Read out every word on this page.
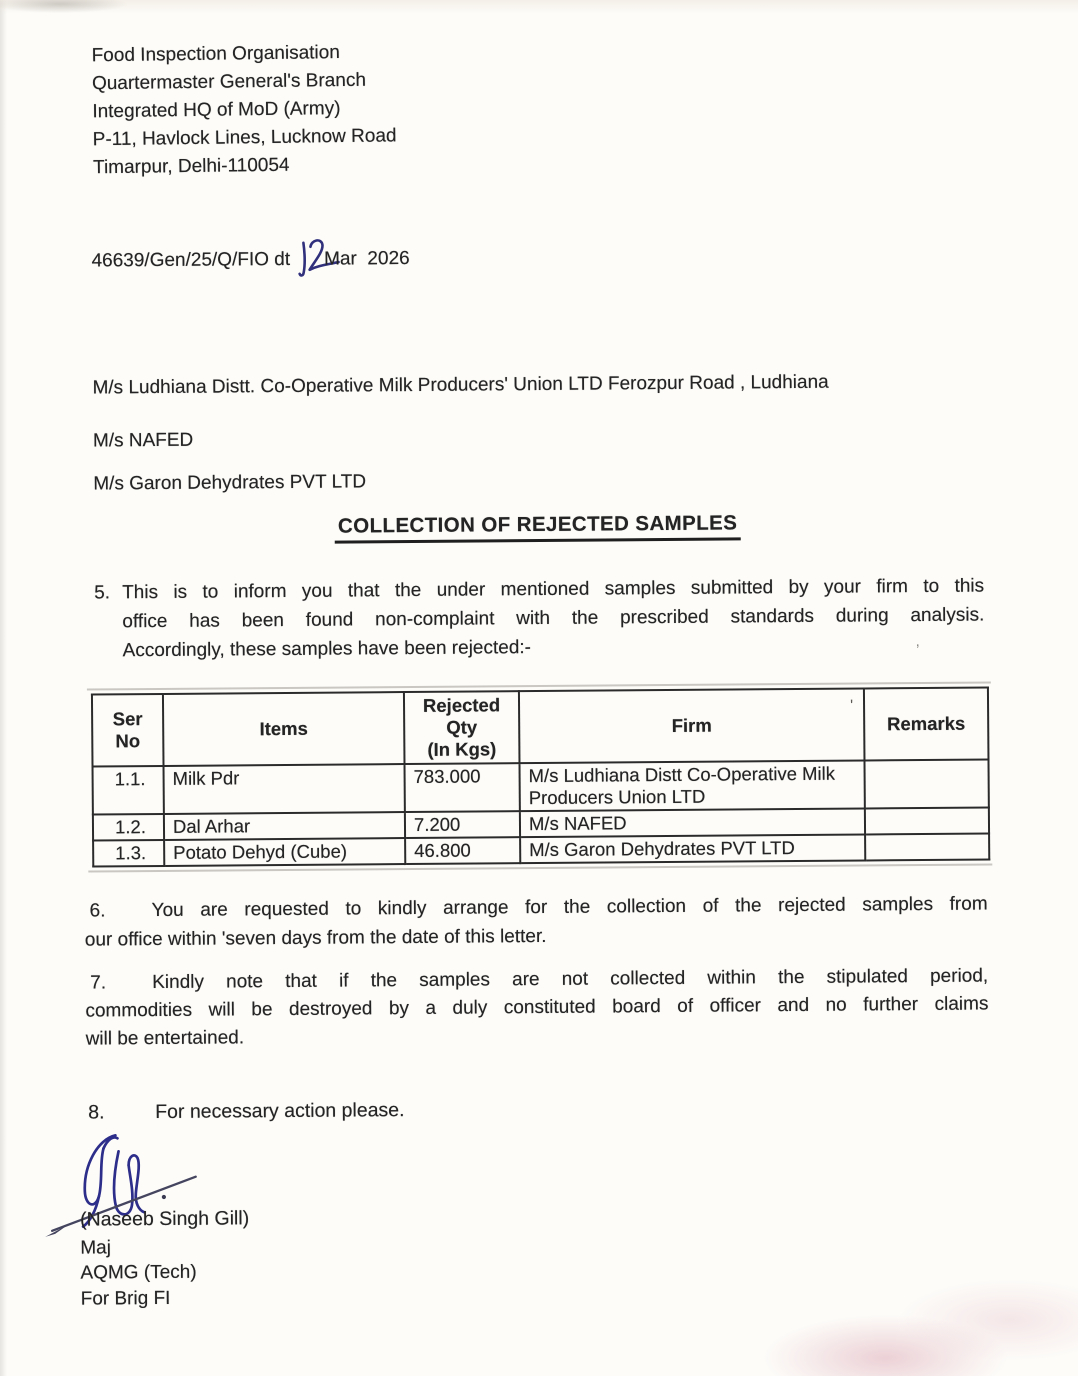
Food Inspection Organisation
Quartermaster General's Branch
Integrated HQ of MoD (Army)
P-11, Havlock Lines, Lucknow Road
Timarpur, Delhi-110054
46639/Gen/25/Q/FIO dt Mar  2026
M/s Ludhiana Distt. Co-Operative Milk Producers' Union LTD Ferozpur Road , Ludhiana
M/s NAFED
M/s Garon Dehydrates PVT LTD
COLLECTION OF REJECTED SAMPLES
5. This is to inform you that the under mentioned samples submitted by your firm to this
office has been found non-complaint with the prescribed standards during analysis.
Accordingly, these samples have been rejected:-	,
Ser
No	Items	Rejected
Qty
(In Kgs)	Firm	Remarks
1.1.	Milk Pdr	783.000	M/s Ludhiana Distt Co-Operative Milk Producers Union LTD	
1.2.	Dal Arhar	7.200	M/s NAFED	
1.3.	Potato Dehyd (Cube)	46.800	M/s Garon Dehydrates PVT LTD	
'
6. You are requested to kindly arrange for the collection of the rejected samples from
our office within 'seven days from the date of this letter.
7. Kindly note that if the samples are not collected within the stipulated period,
commodities will be destroyed by a duly constituted board of officer and no further claims
will be entertained.
8.	For necessary action please.
(Naseeb Singh Gill)
Maj
AQMG (Tech)
For Brig FI
